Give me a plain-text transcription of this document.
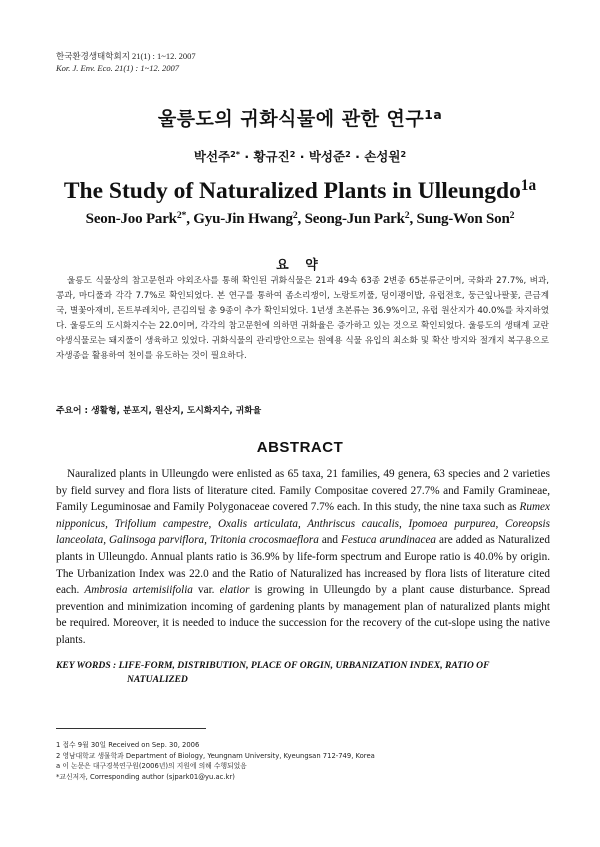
한국환경생태학회지 21(1) : 1~12. 2007
Kor. J. Env. Eco. 21(1) : 1~12. 2007
울릉도의 귀화식물에 관한 연구$^{1a}$
박선주$^{2*}$ · 황규진$^2$ · 박성준$^2$ · 손성원$^2$
The Study of Naturalized Plants in Ulleungdo$^{1a}$
Seon-Joo Park$^{2*}$, Gyu-Jin Hwang$^2$, Seong-Jun Park$^2$, Sung-Won Son$^2$
요 약
울릉도 식물상의 참고문헌과 야외조사를 통해 확인된 귀화식물은 21과 49속 63종 2변종 65분류군이며, 국화과 27.7%, 벼과, 콩과, 마디풀과 각각 7.7%로 확인되었다. 본 연구를 통하여 좀소리쟁이, 노랑토끼풀, 덩이괭이밥, 유럽전호, 둥근잎나팔꽃, 큰금계국, 별꽃아재비, 돈트부레치아, 큰김의털 총 9종이 추가 확인되었다. 1년생 초본류는 36.9%이고, 유럽 원산지가 40.0%를 차지하였다. 울릉도의 도시화지수는 22.0이며, 각각의 참고문헌에 의하면 귀화율은 증가하고 있는 것으로 확인되었다. 울릉도의 생태계 교란 야생식물로는 돼지풀이 생육하고 있었다. 귀화식물의 관리방안으로는 원예용 식물 유입의 최소화 및 확산 방지와 절개지 복구용으로 자생종을 활용하여 천이를 유도하는 것이 필요하다.
주요어 : 생활형, 분포지, 원산지, 도시화지수, 귀화율
ABSTRACT
Nauralized plants in Ulleungdo were enlisted as 65 taxa, 21 families, 49 genera, 63 species and 2 varieties by field survey and flora lists of literature cited. Family Compositae covered 27.7% and Family Gramineae, Family Leguminosae and Family Polygonaceae covered 7.7% each. In this study, the nine taxa such as Rumex nipponicus, Trifolium campestre, Oxalis articulata, Anthriscus caucalis, Ipomoea purpurea, Coreopsis lanceolata, Galinsoga parviflora, Tritonia crocosmaeflora and Festuca arundinacea are added as Naturalized plants in Ulleungdo. Annual plants ratio is 36.9% by life-form spectrum and Europe ratio is 40.0% by origin. The Urbanization Index was 22.0 and the Ratio of Naturalized has increased by flora lists of literature cited each. Ambrosia artemisiifolia var. elatior is growing in Ulleungdo by a plant cause disturbance. Spread prevention and minimization incoming of gardening plants by management plan of naturalized plants might be required. Moreover, it is needed to induce the succession for the recovery of the cut-slope using the native plants.
KEY WORDS : LIFE-FORM, DISTRIBUTION, PLACE OF ORGIN, URBANIZATION INDEX, RATIO OF
NATUALIZED
1 접수 9월 30일 Received on Sep. 30, 2006
2 영남대학교 생물학과 Department of Biology, Yeungnam University, Kyeungsan 712-749, Korea
a 이 논문은 대구경북연구원(2006년)의 지원에 의해 수행되었음
*교신저자, Corresponding author (sjpark01@yu.ac.kr)
